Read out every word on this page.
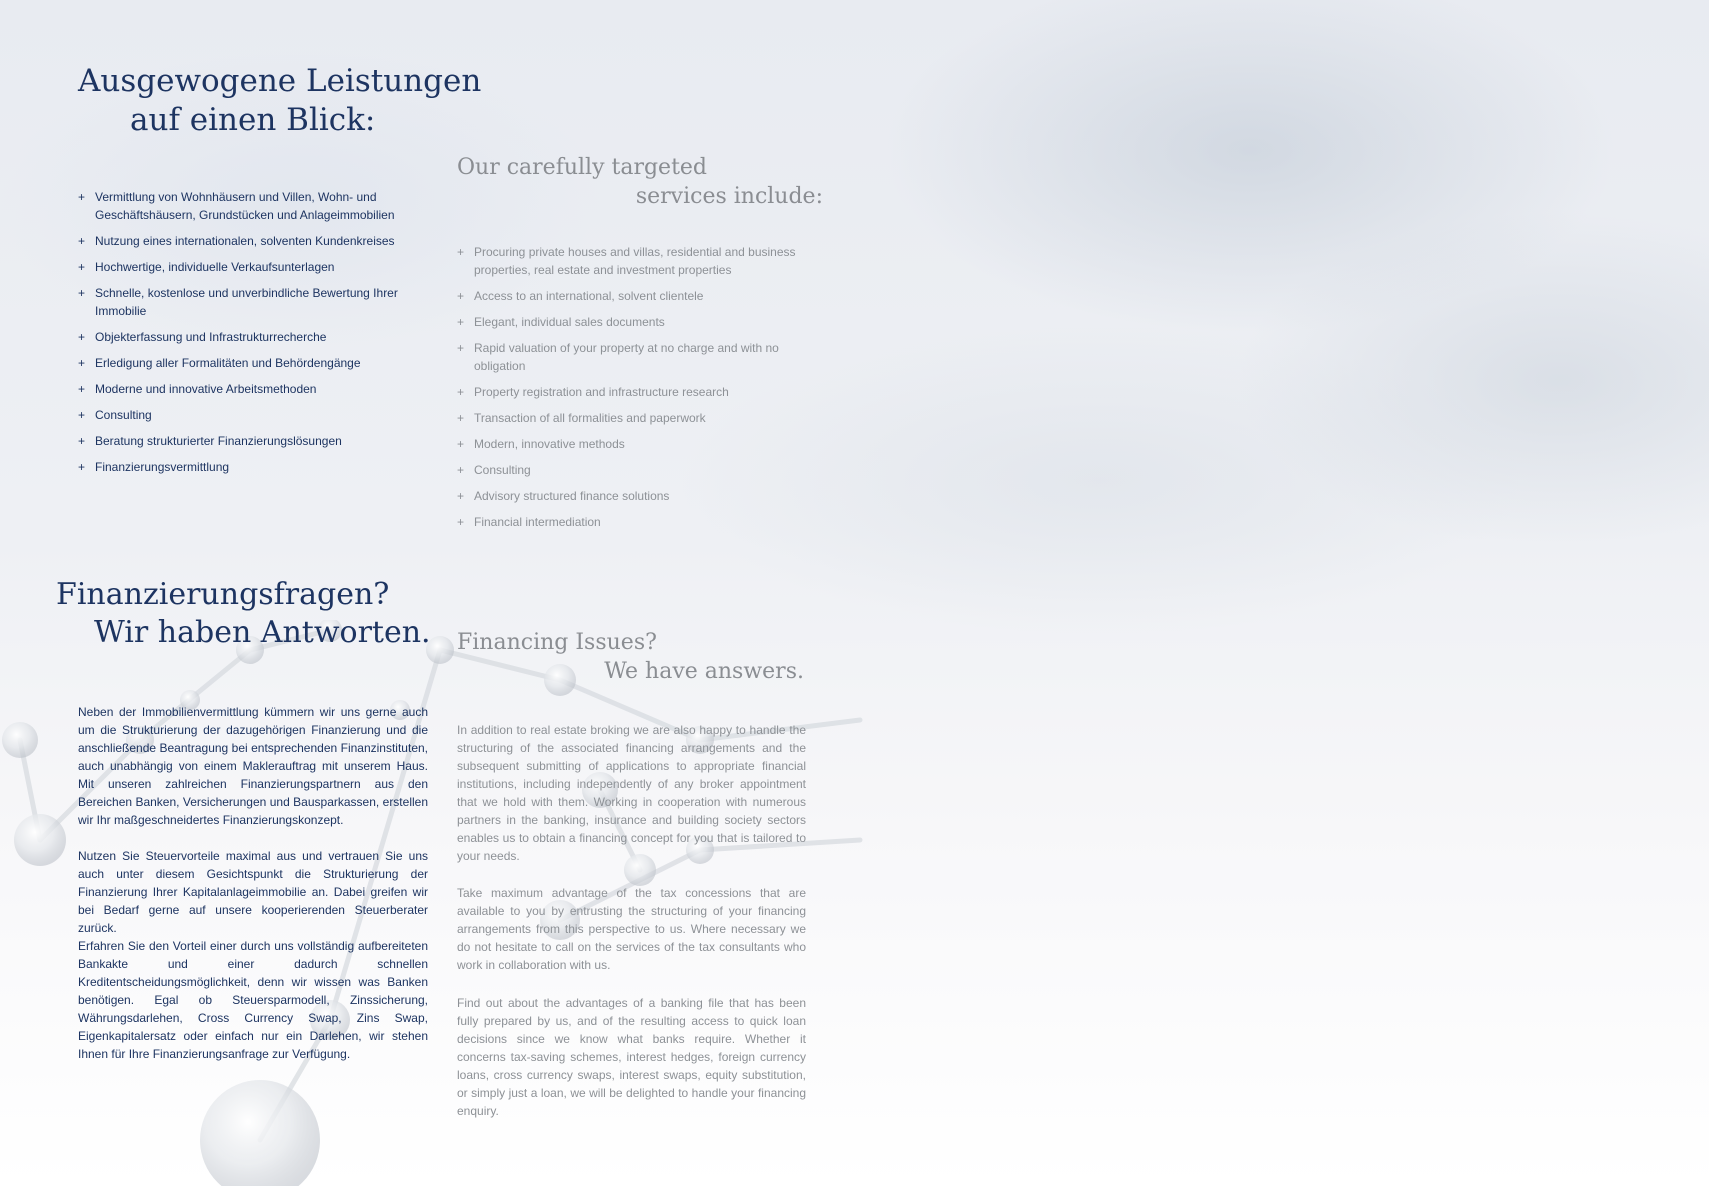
Ausgewogene Leistungen
auf einen Blick:
+ Vermittlung von Wohnhäusern und Villen, Wohn- und Geschäftshäusern, Grundstücken und Anlageimmobilien
+ Nutzung eines internationalen, solventen Kundenkreises
+ Hochwertige, individuelle Verkaufsunterlagen
+ Schnelle, kostenlose und unverbindliche Bewertung Ihrer Immobilie
+ Objekterfassung und Infrastrukturrecherche
+ Erledigung aller Formalitäten und Behördengänge
+ Moderne und innovative Arbeitsmethoden
+ Consulting
+ Beratung strukturierter Finanzierungslösungen
+ Finanzierungsvermittlung
Our carefully targeted
services include:
+ Procuring private houses and villas, residential and business properties, real estate and investment properties
+ Access to an international, solvent clientele
+ Elegant, individual sales documents
+ Rapid valuation of your property at no charge and with no obligation
+ Property registration and infrastructure research
+ Transaction of all formalities and paperwork
+ Modern, innovative methods
+ Consulting
+ Advisory structured finance solutions
+ Financial intermediation
Finanzierungsfragen?
Wir haben Antworten.

Neben der Immobilienvermittlung kümmern wir uns gerne auch um die Strukturierung der dazugehörigen Finanzierung und die anschließende Beantragung bei entsprechenden Finanzinstituten, auch unabhängig von einem Maklerauftrag mit unserem Haus. Mit unseren zahlreichen Finanzierungspartnern aus den Bereichen Banken, Versicherungen und Bausparkassen, erstellen wir Ihr maßgeschneidertes Finanzierungskonzept.

Nutzen Sie Steuervorteile maximal aus und vertrauen Sie uns auch unter diesem Gesichtspunkt die Strukturierung der Finanzierung Ihrer Kapitalanlageimmobilie an. Dabei greifen wir bei Bedarf gerne auf unsere kooperierenden Steuerberater zurück.

Erfahren Sie den Vorteil einer durch uns vollständig aufbereiteten Bankakte und einer dadurch schnellen Kreditentscheidungsmöglichkeit, denn wir wissen was Banken benötigen. Egal ob Steuersparmodell, Zinssicherung, Währungsdarlehen, Cross Currency Swap, Zins Swap, Eigenkapitalersatz oder einfach nur ein Darlehen, wir stehen Ihnen für Ihre Finanzierungsanfrage zur Verfügung.

Financing Issues?
We have answers.

In addition to real estate broking we are also happy to handle the structuring of the associated financing arrangements and the subsequent submitting of applications to appropriate financial institutions, including independently of any broker appointment that we hold with them. Working in cooperation with numerous partners in the banking, insurance and building society sectors enables us to obtain a financing concept for you that is tailored to your needs.

Take maximum advantage of the tax concessions that are available to you by entrusting the structuring of your financing arrangements from this perspective to us. Where necessary we do not hesitate to call on the services of the tax consultants who work in collaboration with us.

Find out about the advantages of a banking file that has been fully prepared by us, and of the resulting access to quick loan decisions since we know what banks require. Whether it concerns tax-saving schemes, interest hedges, foreign currency loans, cross currency swaps, interest swaps, equity substitution, or simply just a loan, we will be delighted to handle your financing enquiry.
